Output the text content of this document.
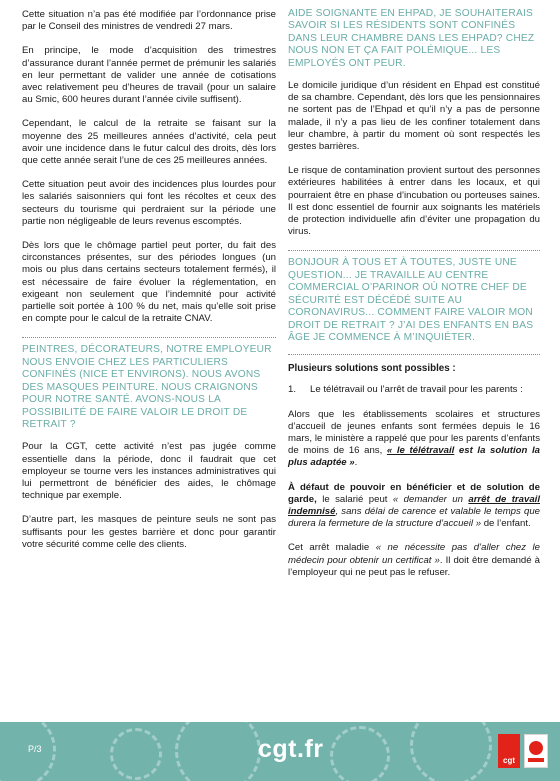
Cette situation n’a pas été modifiée par l’ordonnance prise par le Conseil des ministres de vendredi 27 mars.

En principe, le mode d’acquisition des trimestres d’assurance durant l’année permet de prémunir les salariés en leur permettant de valider une année de cotisations avec relativement peu d’heures de travail (pour un salaire au Smic, 600 heures durant l’année civile suffisent).

Cependant, le calcul de la retraite se faisant sur la moyenne des 25 meilleures années d’activité, cela peut avoir une incidence dans le futur calcul des droits, dès lors que cette année serait l’une de ces 25 meilleures années.

Cette situation peut avoir des incidences plus lourdes pour les salariés saisonniers qui font les récoltes et ceux des secteurs du tourisme qui perdraient sur la période une partie non négligeable de leurs revenus escomptés.

Dès lors que le chômage partiel peut porter, du fait des circonstances présentes, sur des périodes longues (un mois ou plus dans certains secteurs totalement fermés), il est nécessaire de faire évoluer la réglementation, en exigeant non seulement que l’indemnité pour activité partielle soit portée à 100 % du net, mais qu’elle soit prise en compte pour le calcul de la retraite CNAV.

PEINTRES, DÉCORATEURS, NOTRE EMPLOYEUR NOUS ENVOIE CHEZ LES PARTICULIERS CONFINÉS (NICE ET ENVIRONS). NOUS AVONS DES MASQUES PEINTURE. NOUS CRAIGNONS POUR NOTRE SANTÉ. AVONS-NOUS LA POSSIBILITÉ DE FAIRE VALOIR LE DROIT DE RETRAIT ?

Pour la CGT, cette activité n’est pas jugée comme essentielle dans la période, donc il faudrait que cet employeur se tourne vers les instances administratives qui lui permettront de bénéficier des aides, le chômage technique par exemple.

D’autre part, les masques de peinture seuls ne sont pas suffisants pour les gestes barrière et donc pour garantir votre sécurité comme celle des clients.

AIDE SOIGNANTE EN EHPAD, JE SOUHAITERAIS SAVOIR SI LES RÉSIDENTS SONT CONFINÉS DANS LEUR CHAMBRE DANS LES EHPAD? CHEZ NOUS NON ET ÇA FAIT POLÉMIQUE... LES EMPLOYÉS ONT PEUR.

Le domicile juridique d’un résident en Ehpad est constitué de sa chambre. Cependant, dès lors que les pensionnaires ne sortent pas de l’Ehpad et qu’il n’y a pas de personne malade, il n’y a pas lieu de les confiner totalement dans leur chambre, à partir du moment où sont respectés les gestes barrières.

Le risque de contamination provient surtout des personnes extérieures habilitées à entrer dans les locaux, et qui pourraient être en phase d’incubation ou porteuses saines. Il est donc essentiel de fournir aux soignants les matériels de protection individuelle afin d’éviter une propagation du virus.

BONJOUR À TOUS ET À TOUTES, JUSTE UNE QUESTION... JE TRAVAILLE AU CENTRE COMMERCIAL O’PARINOR OÙ NOTRE CHEF DE SÉCURITÉ EST DÉCÉDÉ SUITE AU CORONAVIRUS... COMMENT FAIRE VALOIR MON DROIT DE RETRAIT ? J’AI DES ENFANTS EN BAS ÂGE JE COMMENCE À M’INQUIÉTER.
Plusieurs solutions sont possibles :
1.	Le télétravail ou l’arrêt de travail pour les parents :

Alors que les établissements scolaires et structures d’accueil de jeunes enfants sont fermées depuis le 16 mars, le ministère a rappelé que pour les parents d’enfants de moins de 16 ans, « le télétravail est la solution la plus adaptée ».

À défaut de pouvoir en bénéficier et de solution de garde, le salarié peut « demander un arrêt de travail indemnisé, sans délai de carence et valable le temps que durera la fermeture de la structure d’accueil » de l’enfant.

Cet arrêt maladie « ne nécessite pas d’aller chez le médecin pour obtenir un certificat ». Il doit être demandé à l’employeur qui ne peut pas le refuser.

P/3	cgt.fr	cgt
